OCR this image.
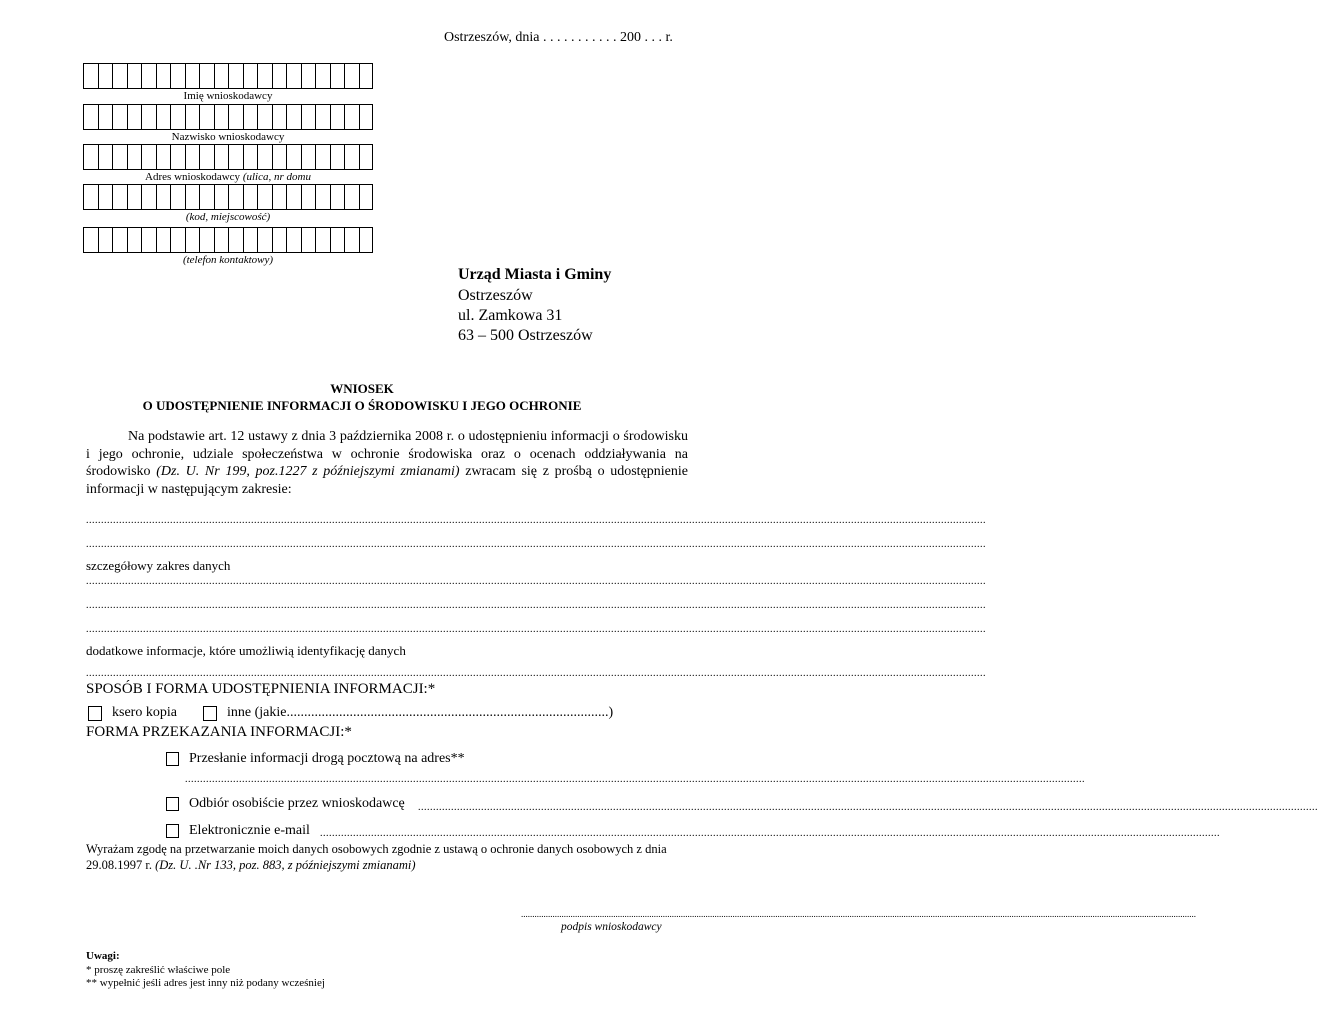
Ostrzeszów, dnia . . . . . . . . . . . 200 . . . r.
Imię wnioskodawcy
Nazwisko wnioskodawcy
Adres wnioskodawcy (ulica, nr domu
(kod, miejscowość)
(telefon kontaktowy)
Urząd Miasta i Gminy
Ostrzeszów
ul. Zamkowa 31
63 – 500 Ostrzeszów
WNIOSEK
O UDOSTĘPNIENIE INFORMACJI O ŚRODOWISKU I JEGO OCHRONIE
Na podstawie art. 12 ustawy z dnia 3 października 2008 r. o udostępnieniu informacji o środowisku i jego ochronie, udziale społeczeństwa w ochronie środowiska oraz o ocenach oddziaływania na środowisko (Dz. U. Nr 199, poz.1227 z późniejszymi zmianami) zwracam się z prośbą o udostępnienie informacji w następującym zakresie:
............................................................................................................................................................................................................................................................................................................
............................................................................................................................................................................................................................................................................................................
szczegółowy zakres danych
............................................................................................................................................................................................................................................................................................................
............................................................................................................................................................................................................................................................................................................
............................................................................................................................................................................................................................................................................................................
dodatkowe informacje, które umożliwią identyfikację danych
............................................................................................................................................................................................................................................................................................................
SPOSÓB I FORMA UDOSTĘPNIENIA INFORMACJI:*
ksero kopia	inne (jakie............................................................................................)
FORMA PRZEKAZANIA INFORMACJI:*
Przesłanie informacji drogą pocztową na adres**
............................................................................................................................................................................................................................................................................................................
Odbiór osobiście przez wnioskodawcę ............................................................................................................................................................................................................................................................................................................
Elektronicznie e-mail ............................................................................................................................................................................................................................................................................................................
Wyrażam zgodę na przetwarzanie moich danych osobowych zgodnie z ustawą o ochronie danych osobowych z dnia 29.08.1997 r. (Dz. U. .Nr 133, poz. 883, z późniejszymi zmianami)
............................................................................................................................................................................................................................................................................................................
podpis wnioskodawcy
Uwagi:
* proszę zakreślić właściwe pole
** wypełnić jeśli adres jest inny niż podany wcześniej
